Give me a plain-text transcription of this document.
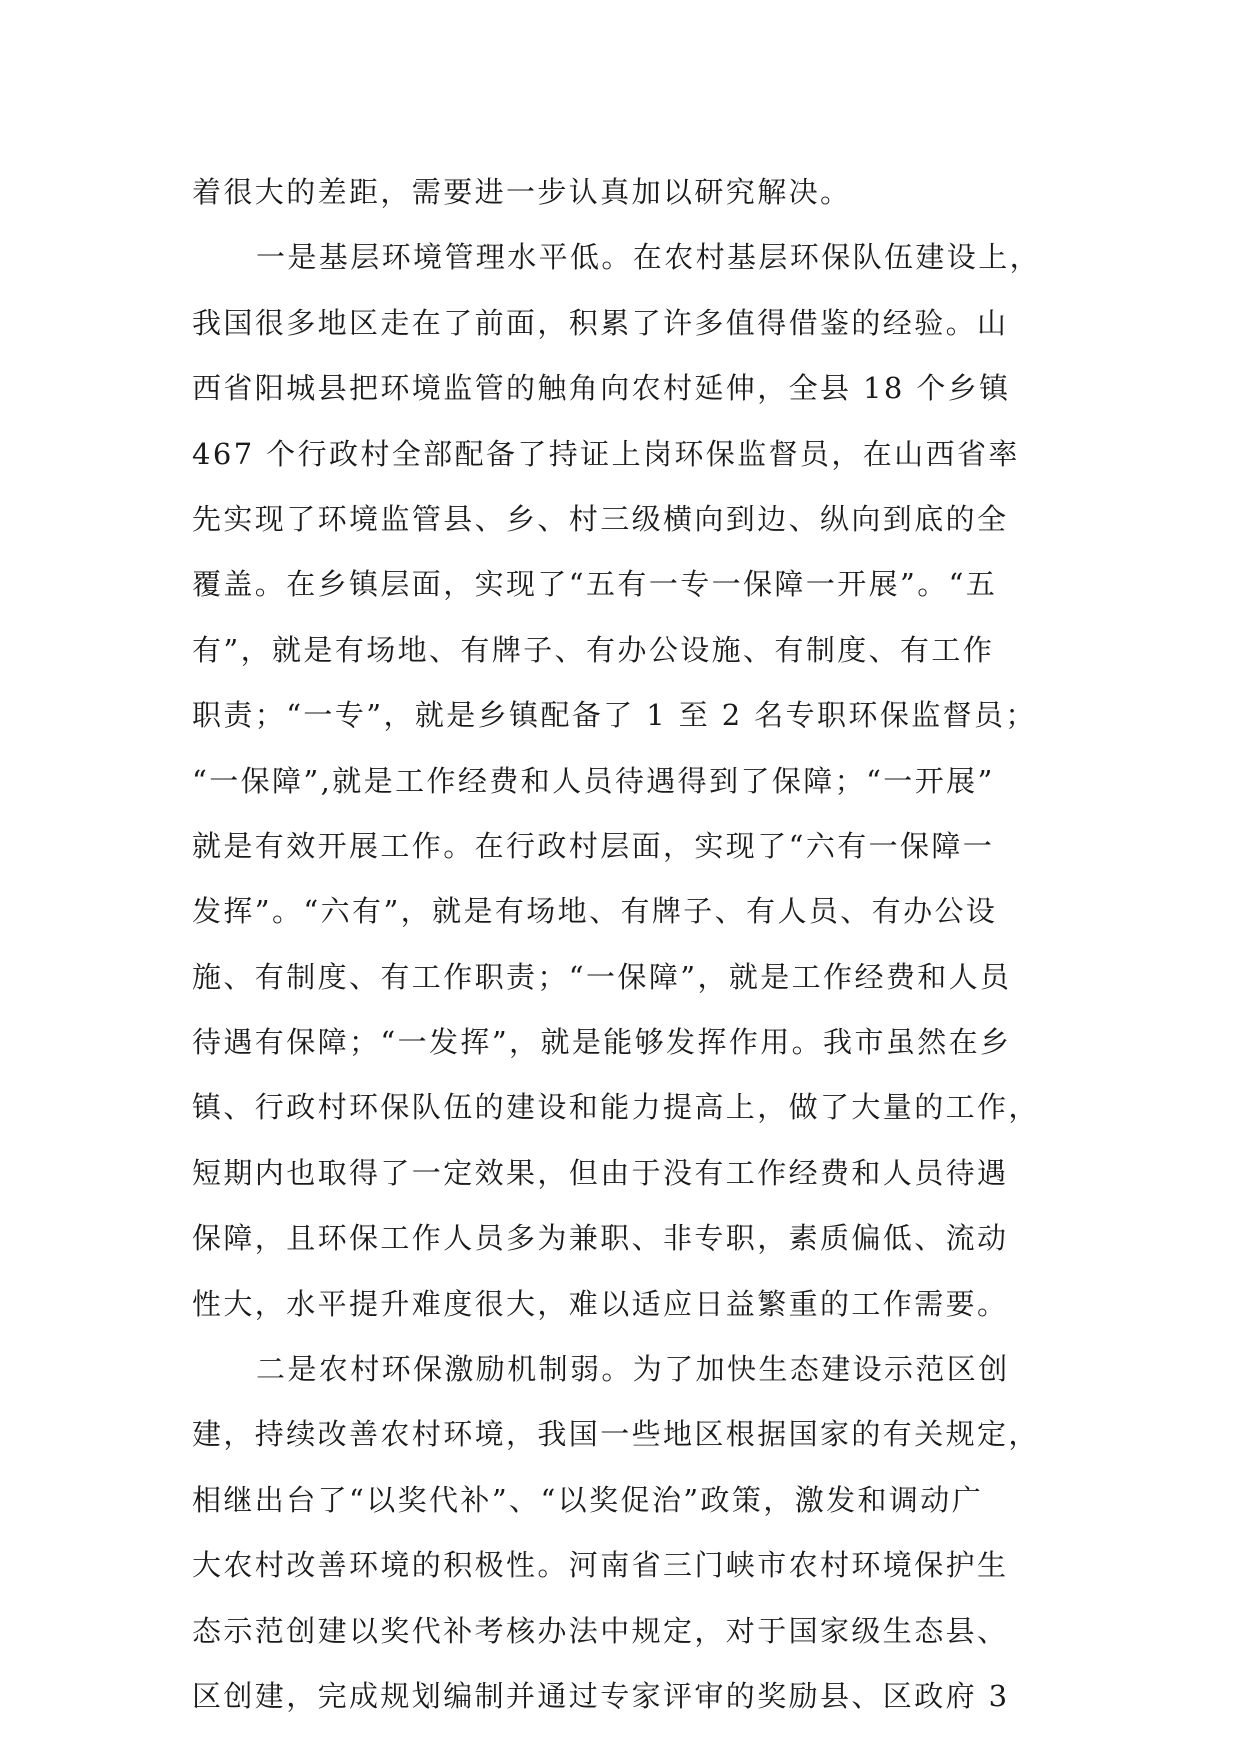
着很大的差距，需要进一步认真加以研究解决。
一是基层环境管理水平低。在农村基层环保队伍建设上，
我国很多地区走在了前面，积累了许多值得借鉴的经验。山
西省阳城县把环境监管的触角向农村延伸，全县 18 个乡镇
467 个行政村全部配备了持证上岗环保监督员，在山西省率
先实现了环境监管县、乡、村三级横向到边、纵向到底的全
覆盖。在乡镇层面，实现了“五有一专一保障一开展”。“五
有”，就是有场地、有牌子、有办公设施、有制度、有工作
职责；“一专”，就是乡镇配备了 1 至 2 名专职环保监督员；
“一保障”,就是工作经费和人员待遇得到了保障；“一开展”
就是有效开展工作。在行政村层面，实现了“六有一保障一
发挥”。“六有”，就是有场地、有牌子、有人员、有办公设
施、有制度、有工作职责；“一保障”，就是工作经费和人员
待遇有保障；“一发挥”，就是能够发挥作用。我市虽然在乡
镇、行政村环保队伍的建设和能力提高上，做了大量的工作，
短期内也取得了一定效果，但由于没有工作经费和人员待遇
保障，且环保工作人员多为兼职、非专职，素质偏低、流动
性大，水平提升难度很大，难以适应日益繁重的工作需要。
二是农村环保激励机制弱。为了加快生态建设示范区创
建，持续改善农村环境，我国一些地区根据国家的有关规定，
相继出台了“以奖代补”、“以奖促治”政策，激发和调动广
大农村改善环境的积极性。河南省三门峡市农村环境保护生
态示范创建以奖代补考核办法中规定，对于国家级生态县、
区创建，完成规划编制并通过专家评审的奖励县、区政府 3
